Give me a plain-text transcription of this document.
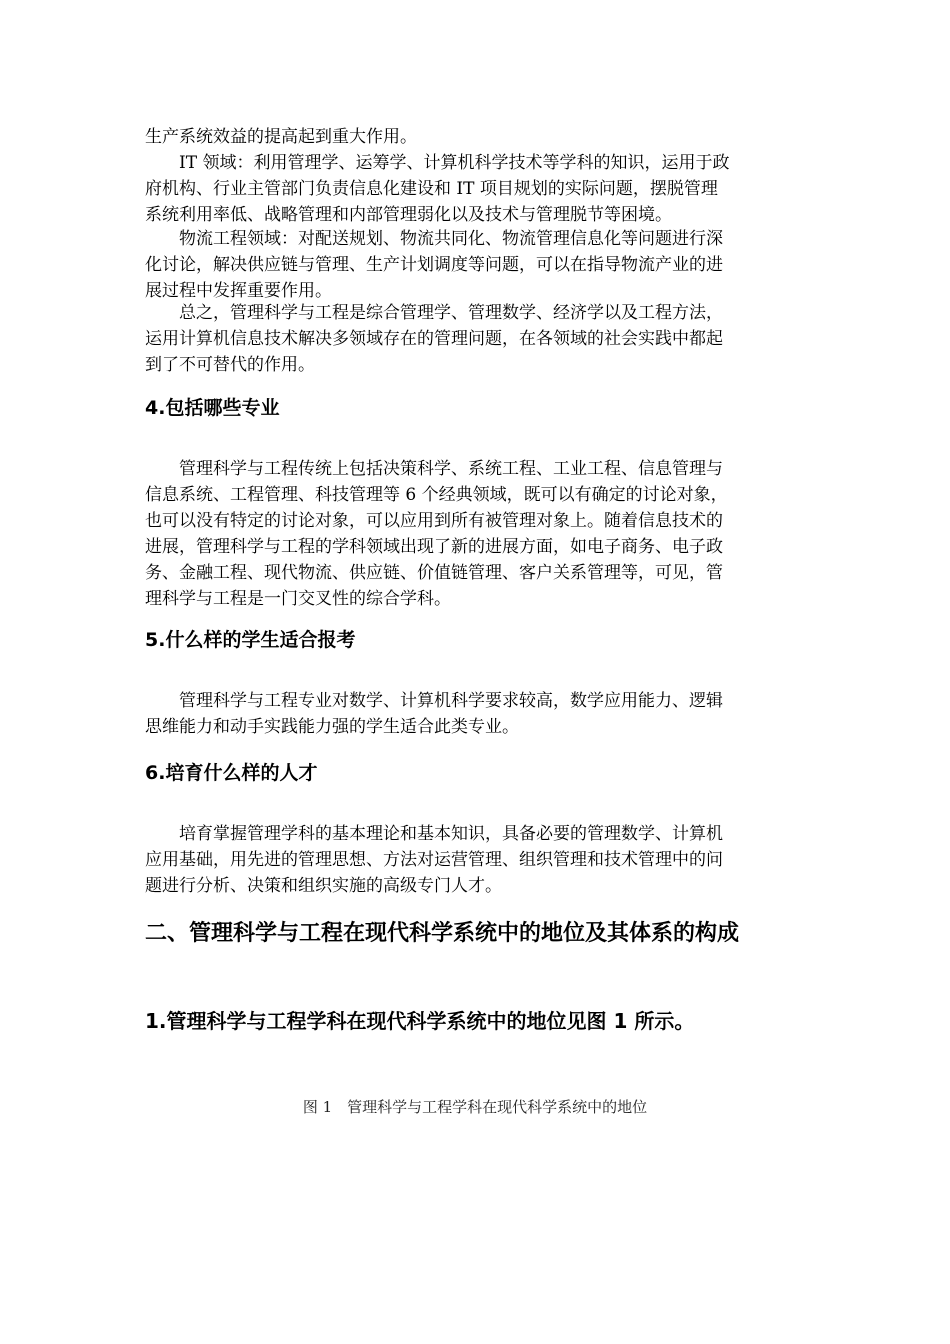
生产系统效益的提高起到重大作用。
　　IT 领域：利用管理学、运筹学、计算机科学技术等学科的知识，运用于政
府机构、行业主管部门负责信息化建设和 IT 项目规划的实际问题，摆脱管理
系统利用率低、战略管理和内部管理弱化以及技术与管理脱节等困境。
　　物流工程领域：对配送规划、物流共同化、物流管理信息化等问题进行深
化讨论，解决供应链与管理、生产计划调度等问题，可以在指导物流产业的进
展过程中发挥重要作用。
　　总之，管理科学与工程是综合管理学、管理数学、经济学以及工程方法，
运用计算机信息技术解决多领域存在的管理问题，在各领域的社会实践中都起
到了不可替代的作用。
4.包括哪些专业
　　管理科学与工程传统上包括决策科学、系统工程、工业工程、信息管理与
信息系统、工程管理、科技管理等 6 个经典领域，既可以有确定的讨论对象，
也可以没有特定的讨论对象，可以应用到所有被管理对象上。随着信息技术的
进展，管理科学与工程的学科领域出现了新的进展方面，如电子商务、电子政
务、金融工程、现代物流、供应链、价值链管理、客户关系管理等，可见，管
理科学与工程是一门交叉性的综合学科。
5.什么样的学生适合报考
　　管理科学与工程专业对数学、计算机科学要求较高，数学应用能力、逻辑
思维能力和动手实践能力强的学生适合此类专业。
6.培育什么样的人才
　　培育掌握管理学科的基本理论和基本知识，具备必要的管理数学、计算机
应用基础，用先进的管理思想、方法对运营管理、组织管理和技术管理中的问
题进行分析、决策和组织实施的高级专门人才。
二、管理科学与工程在现代科学系统中的地位及其体系的构成
1.管理科学与工程学科在现代科学系统中的地位见图 1 所示。
图 1　管理科学与工程学科在现代科学系统中的地位
